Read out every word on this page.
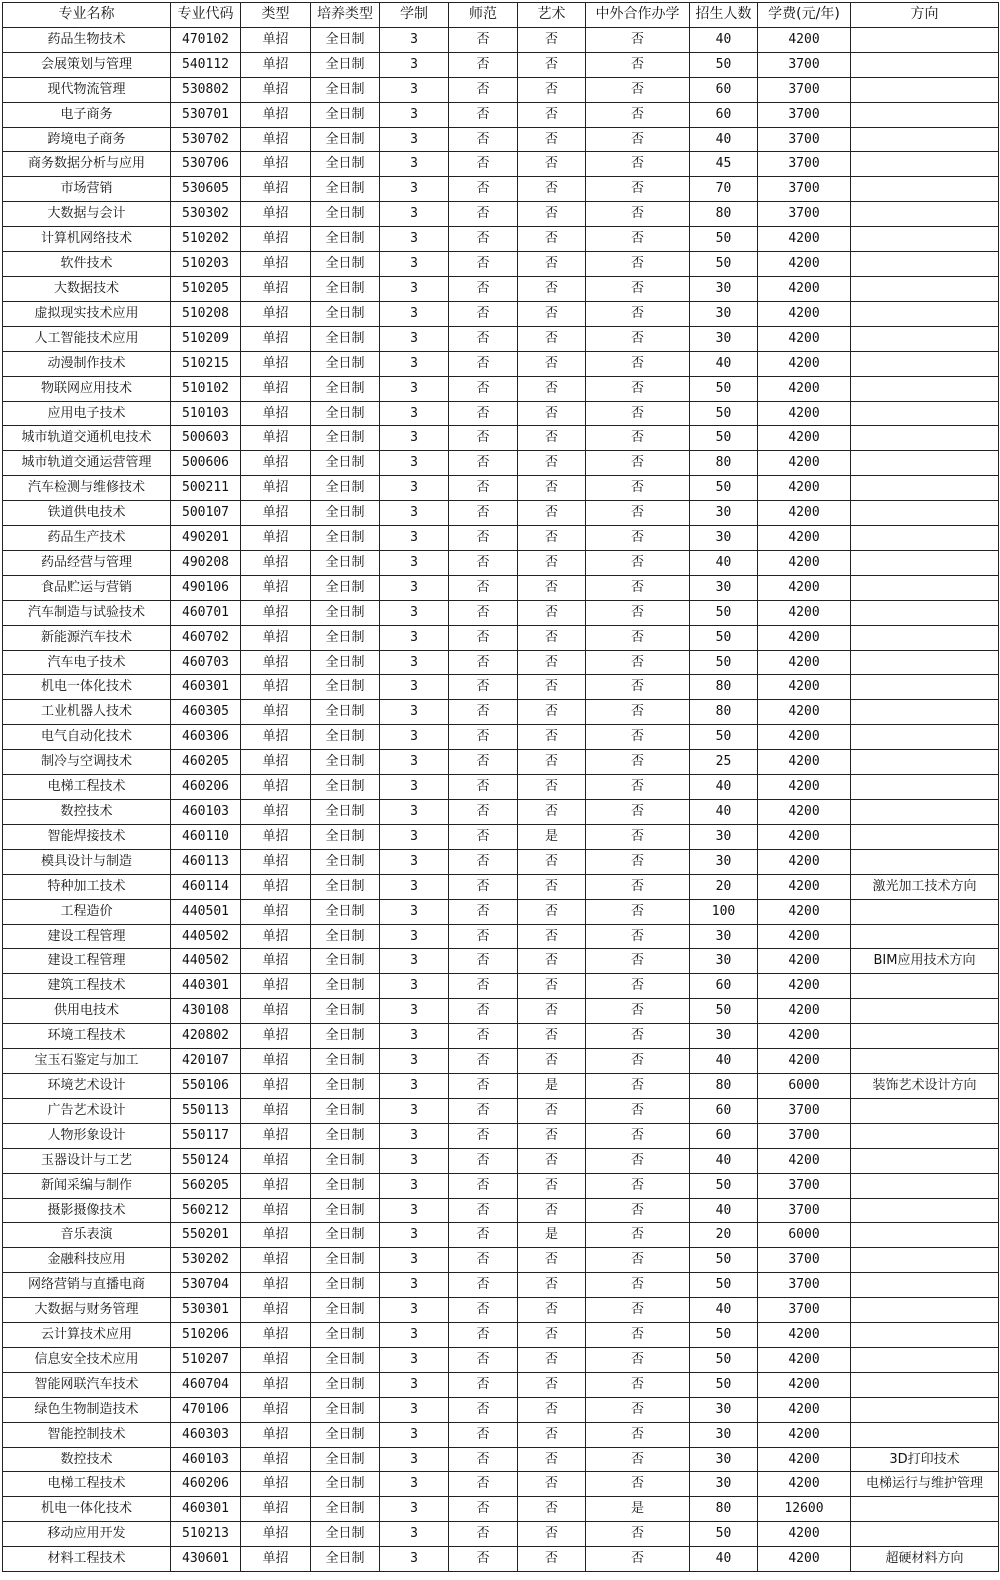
专业名称	专业代码	类型	培养类型	学制	师范	艺术	中外合作办学	招生人数	学费(元/年)	方向
药品生物技术	470102	单招	全日制	3	否	否	否	40	4200	
会展策划与管理	540112	单招	全日制	3	否	否	否	50	3700	
现代物流管理	530802	单招	全日制	3	否	否	否	60	3700	
电子商务	530701	单招	全日制	3	否	否	否	60	3700	
跨境电子商务	530702	单招	全日制	3	否	否	否	40	3700	
商务数据分析与应用	530706	单招	全日制	3	否	否	否	45	3700	
市场营销	530605	单招	全日制	3	否	否	否	70	3700	
大数据与会计	530302	单招	全日制	3	否	否	否	80	3700	
计算机网络技术	510202	单招	全日制	3	否	否	否	50	4200	
软件技术	510203	单招	全日制	3	否	否	否	50	4200	
大数据技术	510205	单招	全日制	3	否	否	否	30	4200	
虚拟现实技术应用	510208	单招	全日制	3	否	否	否	30	4200	
人工智能技术应用	510209	单招	全日制	3	否	否	否	30	4200	
动漫制作技术	510215	单招	全日制	3	否	否	否	40	4200	
物联网应用技术	510102	单招	全日制	3	否	否	否	50	4200	
应用电子技术	510103	单招	全日制	3	否	否	否	50	4200	
城市轨道交通机电技术	500603	单招	全日制	3	否	否	否	50	4200	
城市轨道交通运营管理	500606	单招	全日制	3	否	否	否	80	4200	
汽车检测与维修技术	500211	单招	全日制	3	否	否	否	50	4200	
铁道供电技术	500107	单招	全日制	3	否	否	否	30	4200	
药品生产技术	490201	单招	全日制	3	否	否	否	30	4200	
药品经营与管理	490208	单招	全日制	3	否	否	否	40	4200	
食品贮运与营销	490106	单招	全日制	3	否	否	否	30	4200	
汽车制造与试验技术	460701	单招	全日制	3	否	否	否	50	4200	
新能源汽车技术	460702	单招	全日制	3	否	否	否	50	4200	
汽车电子技术	460703	单招	全日制	3	否	否	否	50	4200	
机电一体化技术	460301	单招	全日制	3	否	否	否	80	4200	
工业机器人技术	460305	单招	全日制	3	否	否	否	80	4200	
电气自动化技术	460306	单招	全日制	3	否	否	否	50	4200	
制冷与空调技术	460205	单招	全日制	3	否	否	否	25	4200	
电梯工程技术	460206	单招	全日制	3	否	否	否	40	4200	
数控技术	460103	单招	全日制	3	否	否	否	40	4200	
智能焊接技术	460110	单招	全日制	3	否	是	否	30	4200	
模具设计与制造	460113	单招	全日制	3	否	否	否	30	4200	
特种加工技术	460114	单招	全日制	3	否	否	否	20	4200	激光加工技术方向
工程造价	440501	单招	全日制	3	否	否	否	100	4200	
建设工程管理	440502	单招	全日制	3	否	否	否	30	4200	
建设工程管理	440502	单招	全日制	3	否	否	否	30	4200	BIM应用技术方向
建筑工程技术	440301	单招	全日制	3	否	否	否	60	4200	
供用电技术	430108	单招	全日制	3	否	否	否	50	4200	
环境工程技术	420802	单招	全日制	3	否	否	否	30	4200	
宝玉石鉴定与加工	420107	单招	全日制	3	否	否	否	40	4200	
环境艺术设计	550106	单招	全日制	3	否	是	否	80	6000	装饰艺术设计方向
广告艺术设计	550113	单招	全日制	3	否	否	否	60	3700	
人物形象设计	550117	单招	全日制	3	否	否	否	60	3700	
玉器设计与工艺	550124	单招	全日制	3	否	否	否	40	4200	
新闻采编与制作	560205	单招	全日制	3	否	否	否	50	3700	
摄影摄像技术	560212	单招	全日制	3	否	否	否	40	3700	
音乐表演	550201	单招	全日制	3	否	是	否	20	6000	
金融科技应用	530202	单招	全日制	3	否	否	否	50	3700	
网络营销与直播电商	530704	单招	全日制	3	否	否	否	50	3700	
大数据与财务管理	530301	单招	全日制	3	否	否	否	40	3700	
云计算技术应用	510206	单招	全日制	3	否	否	否	50	4200	
信息安全技术应用	510207	单招	全日制	3	否	否	否	50	4200	
智能网联汽车技术	460704	单招	全日制	3	否	否	否	50	4200	
绿色生物制造技术	470106	单招	全日制	3	否	否	否	30	4200	
智能控制技术	460303	单招	全日制	3	否	否	否	30	4200	
数控技术	460103	单招	全日制	3	否	否	否	30	4200	3D打印技术
电梯工程技术	460206	单招	全日制	3	否	否	否	30	4200	电梯运行与维护管理
机电一体化技术	460301	单招	全日制	3	否	否	是	80	12600	
移动应用开发	510213	单招	全日制	3	否	否	否	50	4200	
材料工程技术	430601	单招	全日制	3	否	否	否	40	4200	超硬材料方向
